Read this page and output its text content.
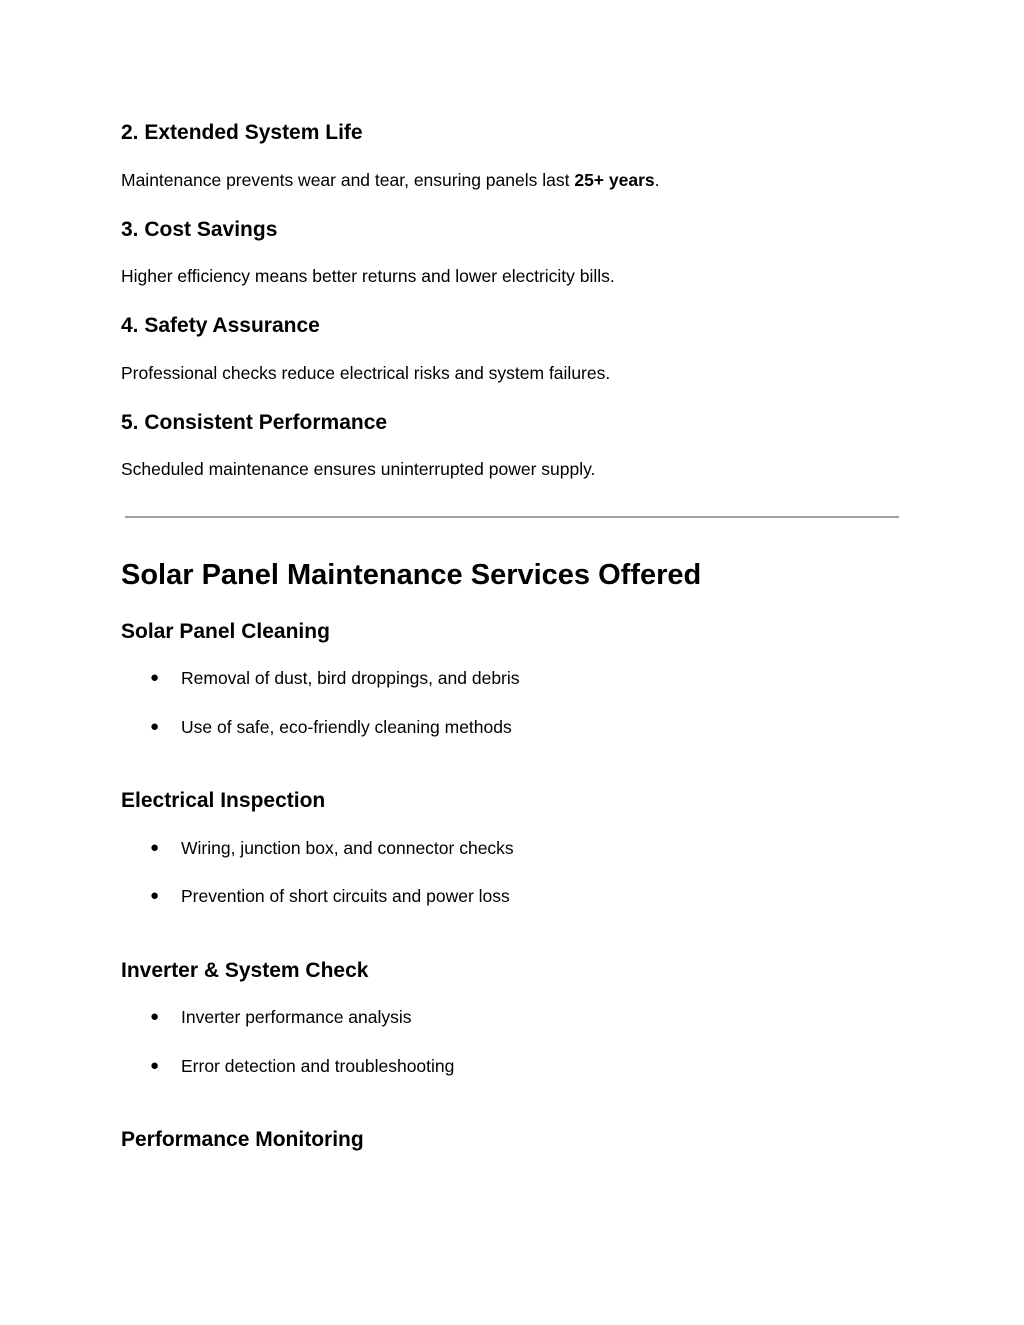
2. Extended System Life

Maintenance prevents wear and tear, ensuring panels last 25+ years.

3. Cost Savings

Higher efficiency means better returns and lower electricity bills.

4. Safety Assurance

Professional checks reduce electrical risks and system failures.

5. Consistent Performance

Scheduled maintenance ensures uninterrupted power supply.

Solar Panel Maintenance Services Offered
Solar Panel Cleaning
● Removal of dust, bird droppings, and debris
● Use of safe, eco-friendly cleaning methods
Electrical Inspection
● Wiring, junction box, and connector checks
● Prevention of short circuits and power loss
Inverter & System Check
● Inverter performance analysis
● Error detection and troubleshooting
Performance Monitoring
